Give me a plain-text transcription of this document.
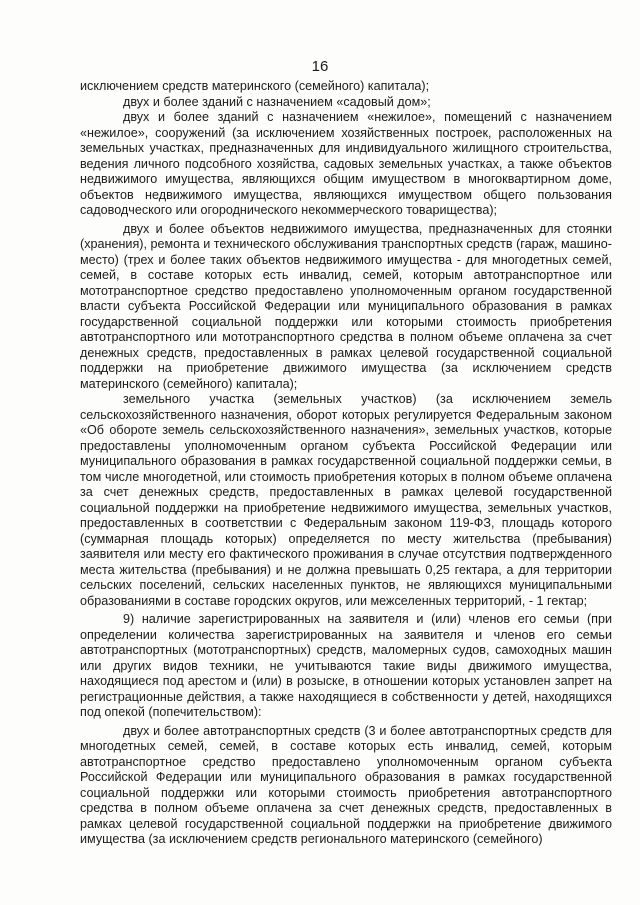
16

исключением средств материнского (семейного) капитала);

двух и более зданий с назначением «садовый дом»;

двух и более зданий с назначением «нежилое», помещений с назначением «нежилое», сооружений (за исключением хозяйственных построек, расположенных на земельных участках, предназначенных для индивидуального жилищного строительства, ведения личного подсобного хозяйства, садовых земельных участках, а также объектов недвижимого имущества, являющихся общим имуществом в многоквартирном доме, объектов недвижимого имущества, являющихся имуществом общего пользования садоводческого или огороднического некоммерческого товарищества);

двух и более объектов недвижимого имущества, предназначенных для стоянки (хранения), ремонта и технического обслуживания транспортных средств (гараж, машино-место) (трех и более таких объектов недвижимого имущества - для многодетных семей, семей, в составе которых есть инвалид, семей, которым автотранспортное или мототранспортное средство предоставлено уполномоченным органом государственной власти субъекта Российской Федерации или муниципального образования в рамках государственной социальной поддержки или которыми стоимость приобретения автотранспортного или мототранспортного средства в полном объеме оплачена за счет денежных средств, предоставленных в рамках целевой государственной социальной поддержки на приобретение движимого имущества (за исключением средств материнского (семейного) капитала);

земельного участка (земельных участков) (за исключением земель сельскохозяйственного назначения, оборот которых регулируется Федеральным законом «Об обороте земель сельскохозяйственного назначения», земельных участков, которые предоставлены уполномоченным органом субъекта Российской Федерации или муниципального образования в рамках государственной социальной поддержки семьи, в том числе многодетной, или стоимость приобретения которых в полном объеме оплачена за счет денежных средств, предоставленных в рамках целевой государственной социальной поддержки на приобретение недвижимого имущества, земельных участков, предоставленных в соответствии с Федеральным законом 119-ФЗ, площадь которого (суммарная площадь которых) определяется по месту жительства (пребывания) заявителя или месту его фактического проживания в случае отсутствия подтвержденного места жительства (пребывания) и не должна превышать 0,25 гектара, а для территории сельских поселений, сельских населенных пунктов, не являющихся муниципальными образованиями в составе городских округов, или межселенных территорий, - 1 гектар;

9) наличие зарегистрированных на заявителя и (или) членов его семьи (при определении количества зарегистрированных на заявителя и членов его семьи автотранспортных (мототранспортных) средств, маломерных судов, самоходных машин или других видов техники, не учитываются такие виды движимого имущества, находящиеся под арестом и (или) в розыске, в отношении которых установлен запрет на регистрационные действия, а также находящиеся в собственности у детей, находящихся под опекой (попечительством):

двух и более автотранспортных средств (3 и более автотранспортных средств для многодетных семей, семей, в составе которых есть инвалид, семей, которым автотранспортное средство предоставлено уполномоченным органом субъекта Российской Федерации или муниципального образования в рамках государственной социальной поддержки или которыми стоимость приобретения автотранспортного средства в полном объеме оплачена за счет денежных средств, предоставленных в рамках целевой государственной социальной поддержки на приобретение движимого имущества (за исключением средств регионального материнского (семейного)
